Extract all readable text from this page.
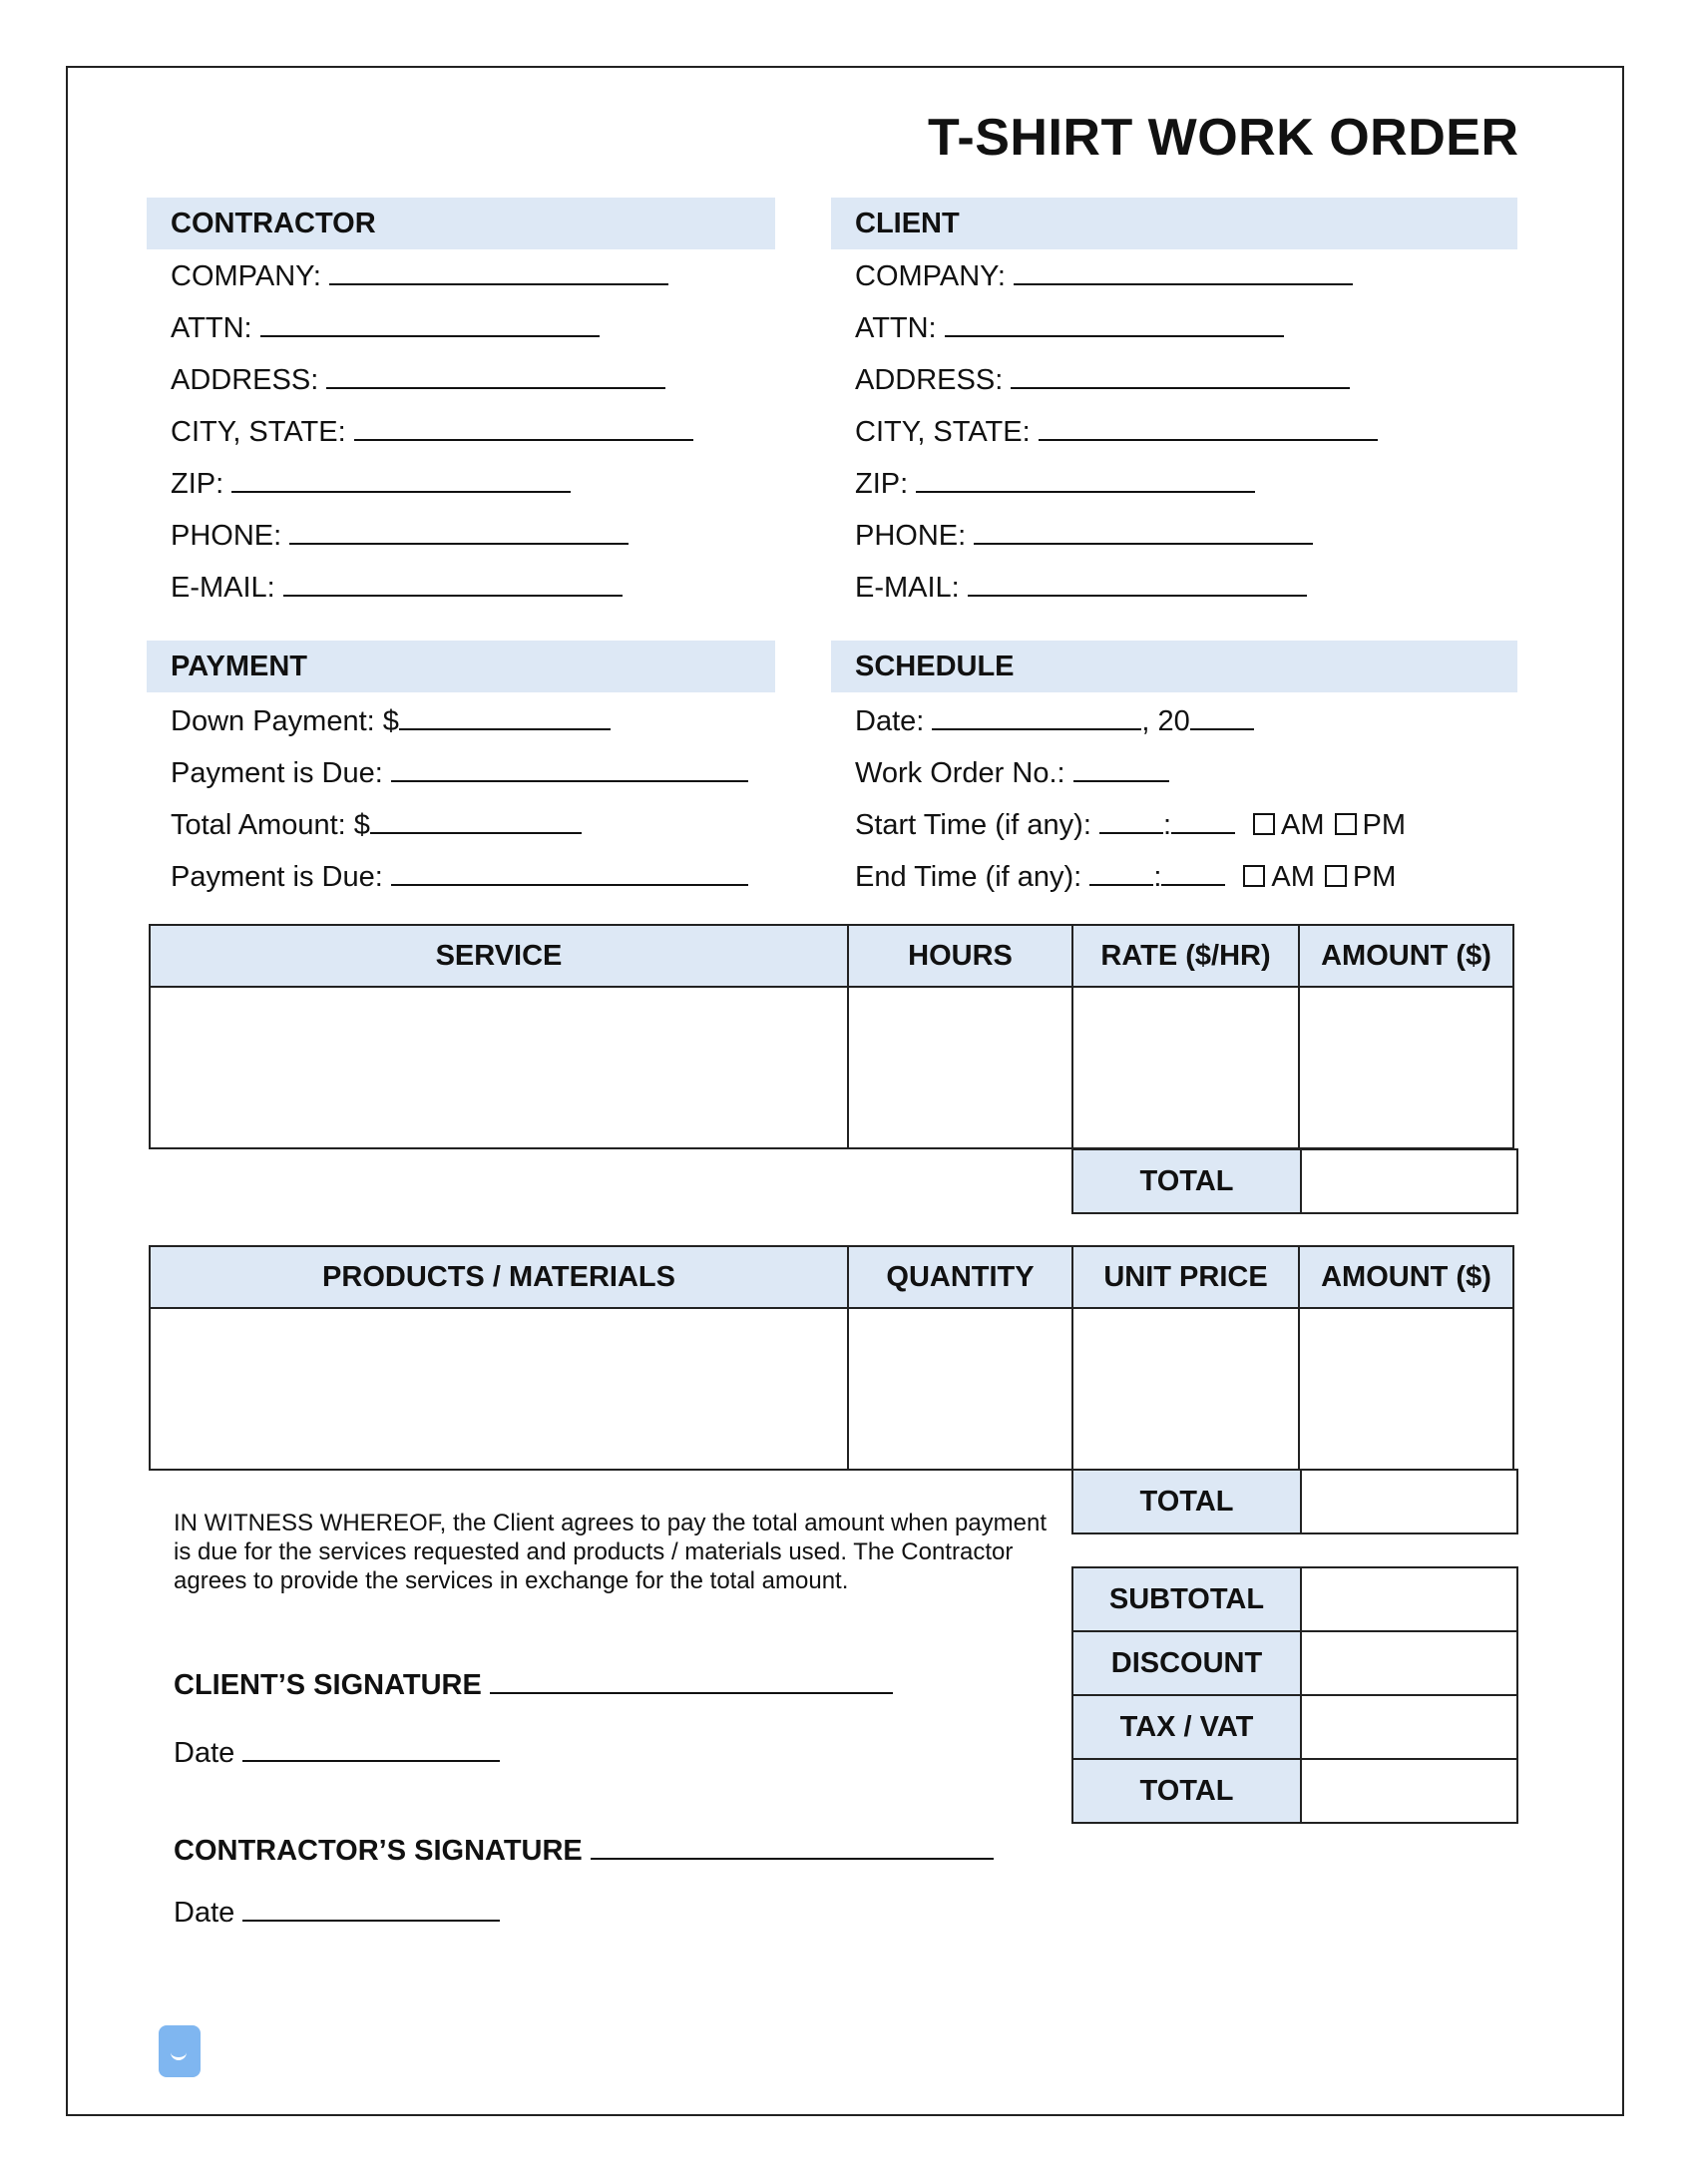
T-SHIRT WORK ORDER
CONTRACTOR
COMPANY:
ATTN:
ADDRESS:
CITY, STATE:
ZIP:
PHONE:
E-MAIL:
CLIENT
COMPANY:
ATTN:
ADDRESS:
CITY, STATE:
ZIP:
PHONE:
E-MAIL:
PAYMENT
Down Payment: $
Payment is Due:
Total Amount: $
Payment is Due:
SCHEDULE
Date:	, 20
Work Order No.:
Start Time (if any): :	AM PM
End Time (if any): :	AM PM
SERVICE	HOURS	RATE ($/HR)	AMOUNT ($)

TOTAL	
PRODUCTS / MATERIALS	QUANTITY	UNIT PRICE	AMOUNT ($)

TOTAL	
SUBTOTAL	
DISCOUNT	
TAX / VAT	
TOTAL	
IN WITNESS WHEREOF, the Client agrees to pay the total amount when payment is due for the services requested and products / materials used. The Contractor agrees to provide the services in exchange for the total amount.
CLIENT’S SIGNATURE
Date
CONTRACTOR’S SIGNATURE
Date
